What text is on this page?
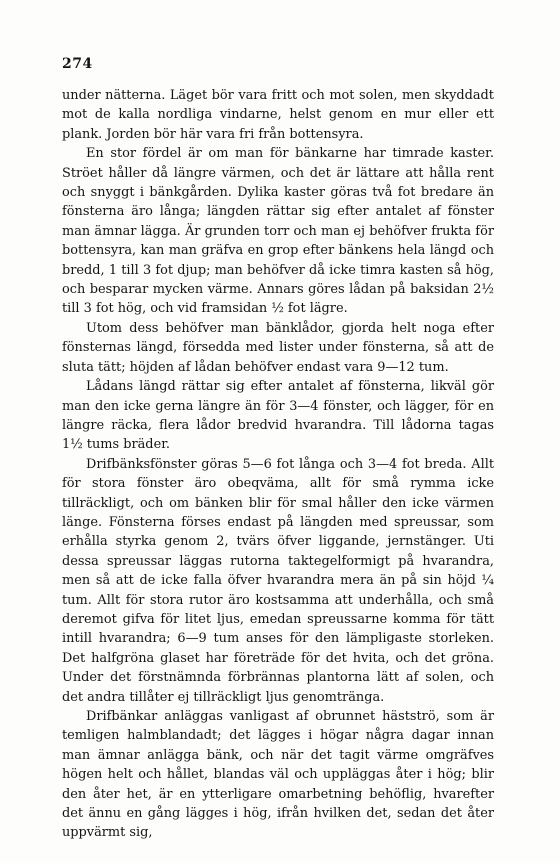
274

under nätterna. Läget bör vara fritt och mot solen, men skyddadt mot de kalla nordliga vindarne, helst genom en mur eller ett plank. Jorden bör här vara fri från bottensyra.

En stor fördel är om man för bänkarne har timrade kaster. Ströet håller då längre värmen, och det är lättare att hålla rent och snyggt i bänkgården. Dylika kaster göras två fot bredare än fönsterna äro långa; längden rättar sig efter antalet af fönster man ämnar lägga. Är grunden torr och man ej behöfver frukta för bottensyra, kan man gräfva en grop efter bänkens hela längd och bredd, 1 till 3 fot djup; man behöfver då icke timra kasten så hög, och besparar mycken värme. Annars göres lådan på baksidan 2½ till 3 fot hög, och vid framsidan ½ fot lägre.

Utom dess behöfver man bänklådor, gjorda helt noga efter fönsternas längd, försedda med lister under fönsterna, så att de sluta tätt; höjden af lådan behöfver endast vara 9—12 tum.

Lådans längd rättar sig efter antalet af fönsterna, likväl gör man den icke gerna längre än för 3—4 fönster, och lägger, för en längre räcka, flera lådor bredvid hvarandra. Till lådorna tagas 1½ tums bräder.

Drifbänksfönster göras 5—6 fot långa och 3—4 fot breda. Allt för stora fönster äro obeqväma, allt för små rymma icke tillräckligt, och om bänken blir för smal håller den icke värmen länge. Fönsterna förses endast på längden med spreussar, som erhålla styrka genom 2, tvärs öfver liggande, jernstänger. Uti dessa spreussar läggas rutorna taktegelformigt på hvarandra, men så att de icke falla öfver hvarandra mera än på sin höjd ¼ tum. Allt för stora rutor äro kostsamma att underhålla, och små deremot gifva för litet ljus, emedan spreussarne komma för tätt intill hvarandra; 6—9 tum anses för den lämpligaste storleken. Det halfgröna glaset har företräde för det hvita, och det gröna. Under det förstnämnda förbrännas plantorna lätt af solen, och det andra tillåter ej tillräckligt ljus genomtränga.

Drifbänkar anläggas vanligast af obrunnet hästströ, som är temligen halmblandadt; det lägges i högar några dagar innan man ämnar anlägga bänk, och när det tagit värme omgräfves högen helt och hållet, blandas väl och uppläggas åter i hög; blir den åter het, är en ytterligare omarbetning behöflig, hvarefter det ännu en gång lägges i hög, ifrån hvilken det, sedan det åter uppvärmt sig,
